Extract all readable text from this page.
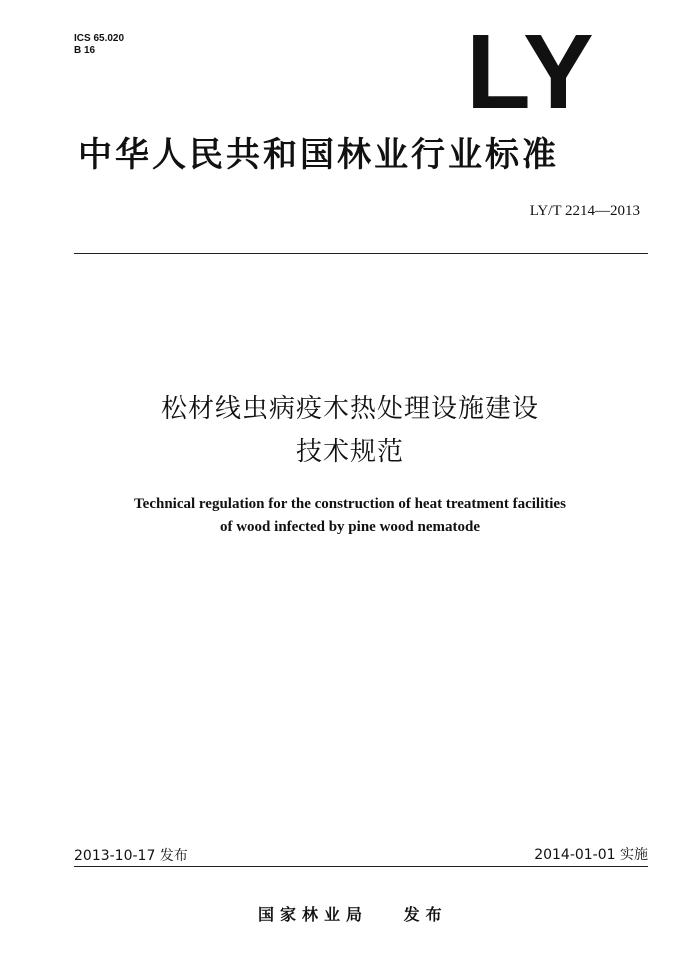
ICS 65.020
B 16	LY
中华人民共和国林业行业标准
LY/T 2214—2013
松材线虫病疫木热处理设施建设
技术规范
Technical regulation for the construction of heat treatment facilities
of wood infected by pine wood nematode
2013-10-17 发布	2014-01-01 实施
国家林业局 发布
